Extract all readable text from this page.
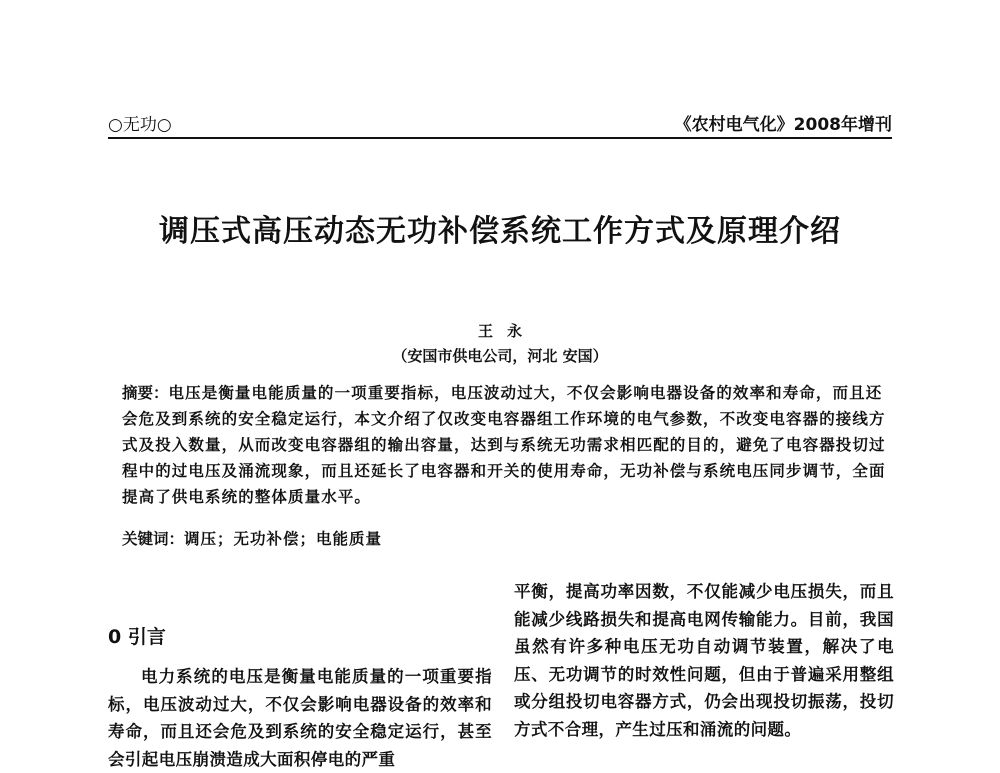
○无功○	《农村电气化》2008年增刊
调压式高压动态无功补偿系统工作方式及原理介绍
王永
（安国市供电公司，河北 安国）
摘要：电压是衡量电能质量的一项重要指标，电压波动过大，不仅会影响电器设备的效率和寿命，而且还会危及到系统的安全稳定运行，本文介绍了仅改变电容器组工作环境的电气参数，不改变电容器的接线方式及投入数量，从而改变电容器组的输出容量，达到与系统无功需求相匹配的目的，避免了电容器投切过程中的过电压及涌流现象，而且还延长了电容器和开关的使用寿命，无功补偿与系统电压同步调节，全面提高了供电系统的整体质量水平。
关键词：调压；无功补偿；电能质量
0 引言
电力系统的电压是衡量电能质量的一项重要指标，电压波动过大，不仅会影响电器设备的效率和寿命，而且还会危及到系统的安全稳定运行，甚至会引起电压崩溃造成大面积停电的严重
平衡，提高功率因数，不仅能减少电压损失，而且能减少线路损失和提高电网传输能力。目前，我国虽然有许多种电压无功自动调节装置，解决了电压、无功调节的时效性问题，但由于普遍采用整组或分组投切电容器方式，仍会出现投切振荡，投切方式不合理，产生过压和涌流的问题。
